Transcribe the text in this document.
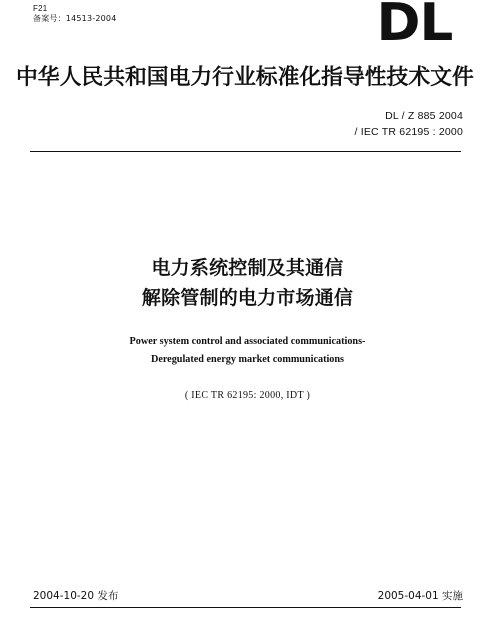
F21
备案号：14513-2004	DL
中华人民共和国电力行业标准化指导性技术文件
DL / Z 885 2004
/ IEC TR 62195 : 2000
电力系统控制及其通信
解除管制的电力市场通信
Power system control and associated communications-
Deregulated energy market communications
( IEC TR 62195: 2000, IDT )
2004-10-20 发布	2005-04-01 实施
